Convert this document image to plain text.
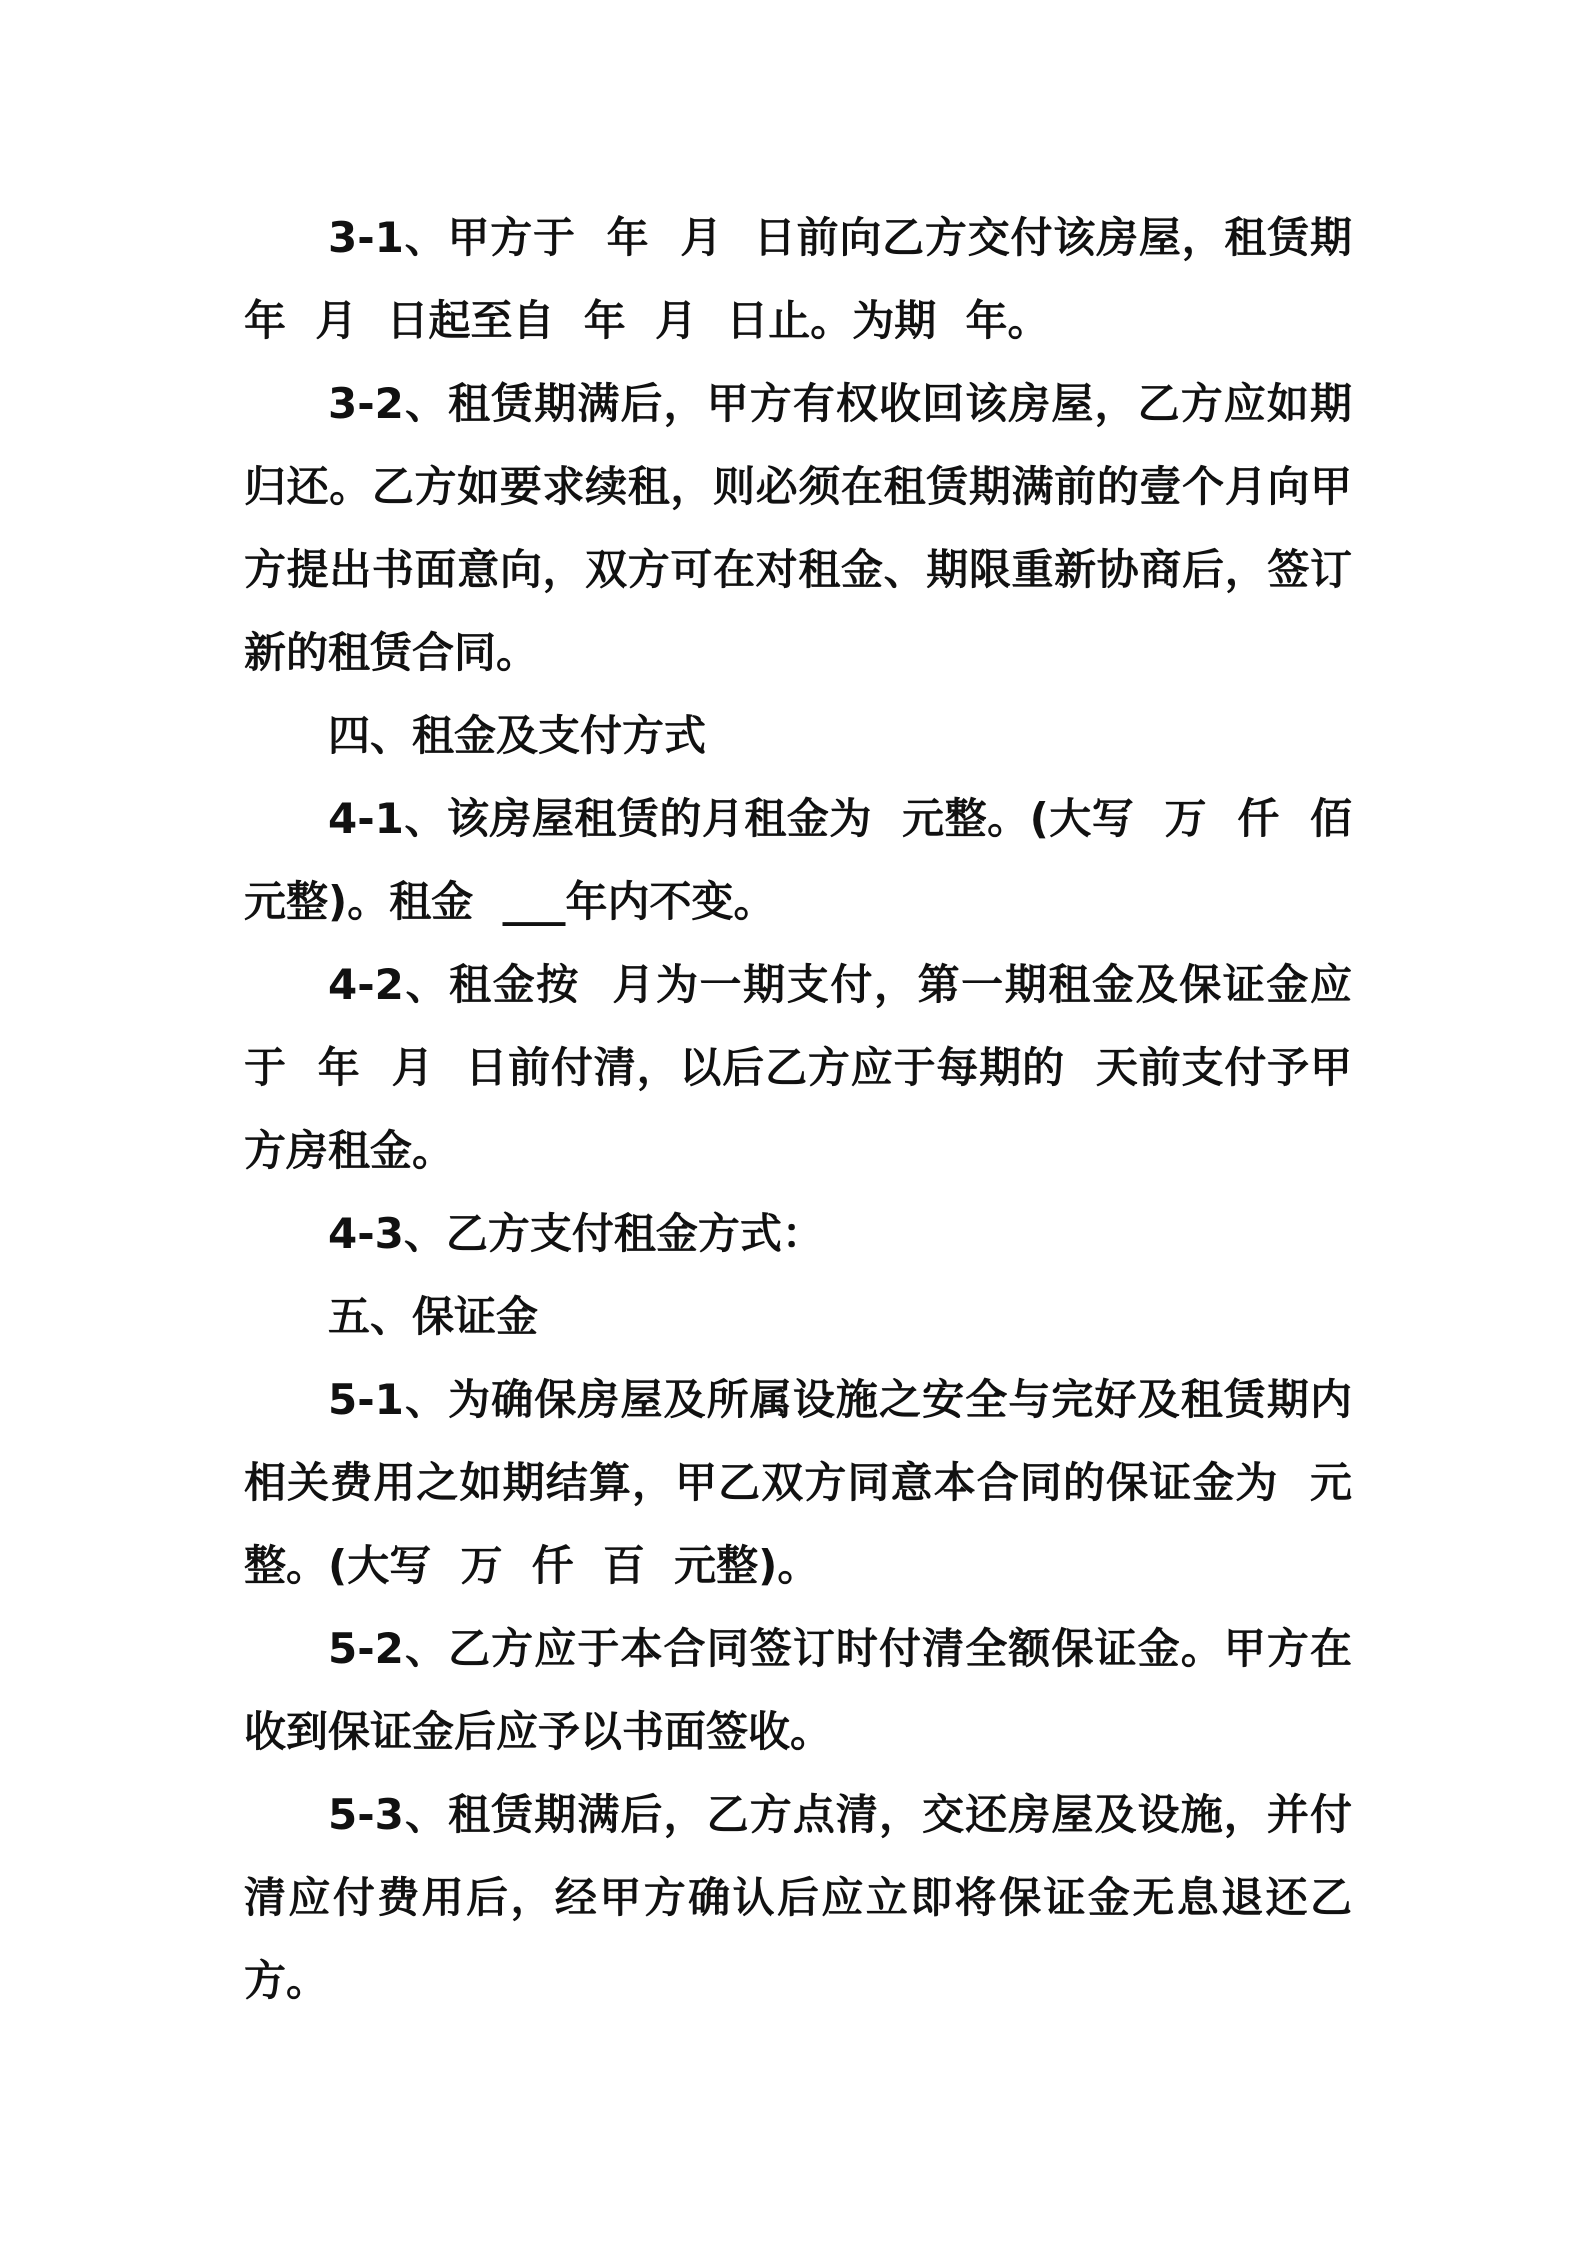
3-1、甲方于  年  月  日前向乙方交付该房屋，租赁期  年  月  日起至自  年  月  日止。为期  年。

3-2、租赁期满后，甲方有权收回该房屋，乙方应如期归还。乙方如要求续租，则必须在租赁期满前的壹个月向甲方提出书面意向，双方可在对租金、期限重新协商后，签订新的租赁合同。

四、租金及支付方式

4-1、该房屋租赁的月租金为  元整。(大写  万  仟  佰  元整)。租金  ___年内不变。

4-2、租金按  月为一期支付，第一期租金及保证金应于  年  月  日前付清，以后乙方应于每期的  天前支付予甲方房租金。

4-3、乙方支付租金方式：

五、保证金

5-1、为确保房屋及所属设施之安全与完好及租赁期内相关费用之如期结算，甲乙双方同意本合同的保证金为  元整。(大写  万  仟  百  元整)。

5-2、乙方应于本合同签订时付清全额保证金。甲方在收到保证金后应予以书面签收。

5-3、租赁期满后，乙方点清，交还房屋及设施，并付清应付费用后，经甲方确认后应立即将保证金无息退还乙方。
